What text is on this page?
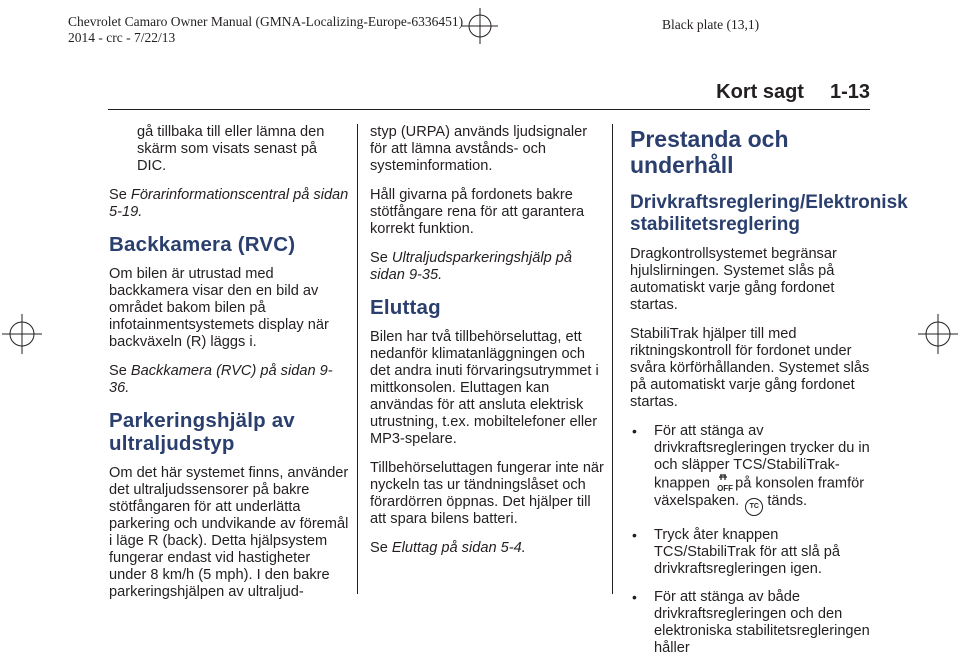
Chevrolet Camaro Owner Manual (GMNA-Localizing-Europe-6336451)
2014 - crc - 7/22/13
Black plate (13,1)
Kort sagt 1-13

gå tillbaka till eller lämna den skärm som visats senast på DIC.

Se Förarinformationscentral på sidan 5-19.

Backkamera (RVC)

Om bilen är utrustad med backkamera visar den en bild av området bakom bilen på infotainmentsystemets display när backväxeln (R) läggs i.

Se Backkamera (RVC) på sidan 9-36.

Parkeringshjälp av ultraljudstyp

Om det här systemet finns, använder det ultraljudssensorer på bakre stötfångaren för att underlätta parkering och undvikande av föremål i läge R (back). Detta hjälpsystem fungerar endast vid hastigheter under 8 km/h (5 mph). I den bakre parkeringshjälpen av ultraljud-

styp (URPA) används ljudsignaler för att lämna avstånds- och systeminformation.

Håll givarna på fordonets bakre stötfångare rena för att garantera korrekt funktion.

Se Ultraljudsparkeringshjälp på sidan 9-35.

Eluttag

Bilen har två tillbehörseluttag, ett nedanför klimatanläggningen och det andra inuti förvaringsutrymmet i mittkonsolen. Eluttagen kan användas för att ansluta elektrisk utrustning, t.ex. mobiltelefoner eller MP3-spelare.

Tillbehörseluttagen fungerar inte när nyckeln tas ur tändningslåset och förardörren öppnas. Det hjälper till att spara bilens batteri.

Se Eluttag på sidan 5-4.

Prestanda och underhåll
Drivkraftsreglering/Elektronisk stabilitetsreglering

Dragkontrollsystemet begränsar hjulslirningen. Systemet slås på automatiskt varje gång fordonet startas.

StabiliTrak hjälper till med riktningskontroll för fordonet under svåra körförhållanden. Systemet slås på automatiskt varje gång fordonet startas.

• För att stänga av drivkraftsregleringen trycker du in och släpper TCS/StabiliTrak-knappen OFF på konsolen framför växelspaken. TC tänds.
• Tryck åter knappen TCS/StabiliTrak för att slå på drivkraftsregleringen igen.
• För att stänga av både drivkraftsregleringen och den elektroniska stabilitetsregleringen håller
